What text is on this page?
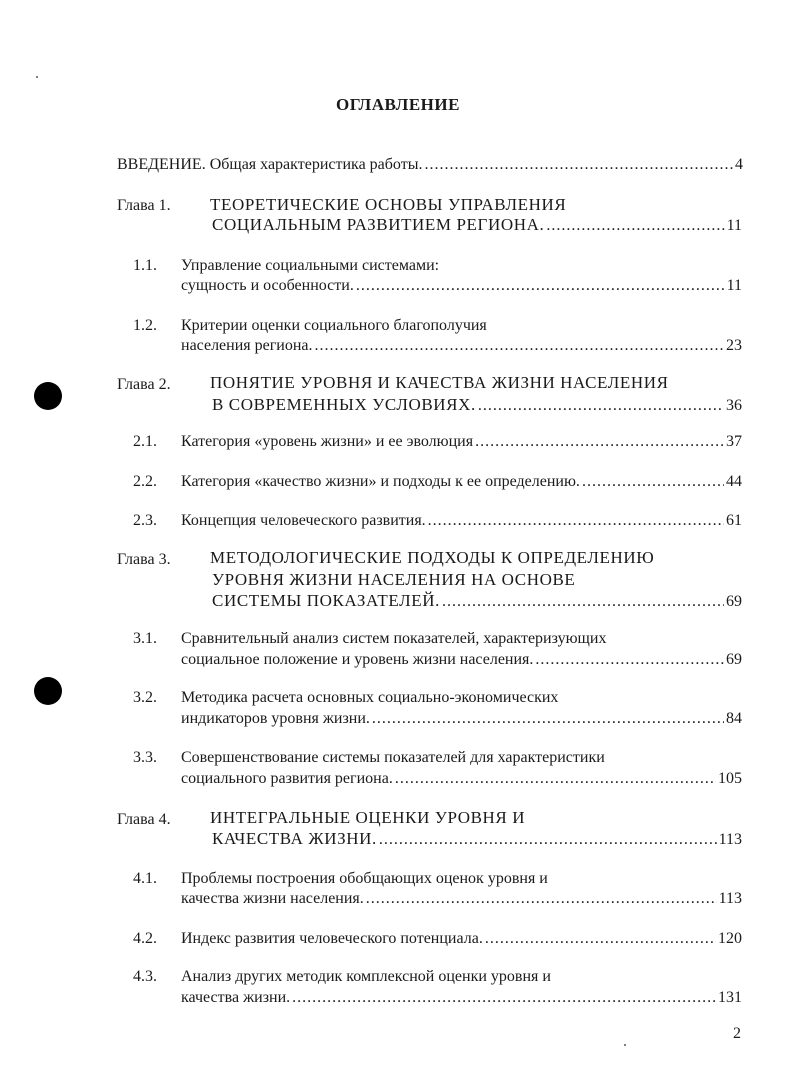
ОГЛАВЛЕНИЕ
ВВЕДЕНИЕ. Общая характеристика работы. .....	4
Глава 1. ТЕОРЕТИЧЕСКИЕ ОСНОВЫ УПРАВЛЕНИЯ
СОЦИАЛЬНЫМ РАЗВИТИЕМ РЕГИОНА. .....	11
1.1. Управление социальными системами:
сущность и особенности. .....	11
1.2. Критерии оценки социального благополучия
населения региона. .....	23
Глава 2. ПОНЯТИЕ УРОВНЯ И КАЧЕСТВА ЖИЗНИ НАСЕЛЕНИЯ
В СОВРЕМЕННЫХ УСЛОВИЯХ. .....	36
2.1. Категория «уровень жизни» и ее эволюция .....	37
2.2. Категория «качество жизни» и подходы к ее определению. .....	44
2.3. Концепция человеческого развития. .....	61
Глава 3. МЕТОДОЛОГИЧЕСКИЕ ПОДХОДЫ К ОПРЕДЕЛЕНИЮ
УРОВНЯ ЖИЗНИ НАСЕЛЕНИЯ НА ОСНОВЕ
СИСТЕМЫ ПОКАЗАТЕЛЕЙ. .....	69
3.1. Сравнительный анализ систем показателей, характеризующих
социальное положение и уровень жизни населения. .....	69
3.2. Методика расчета основных социально-экономических
индикаторов уровня жизни. .....	84
3.3. Совершенствование системы показателей для характеристики
социального развития региона. .....	105
Глава 4. ИНТЕГРАЛЬНЫЕ ОЦЕНКИ УРОВНЯ И
КАЧЕСТВА ЖИЗНИ. .....	113
4.1. Проблемы построения обобщающих оценок уровня и
качества жизни населения. .....	113
4.2. Индекс развития человеческого потенциала. .....	120
4.3. Анализ других методик комплексной оценки уровня и
качества жизни. .....	131
2
